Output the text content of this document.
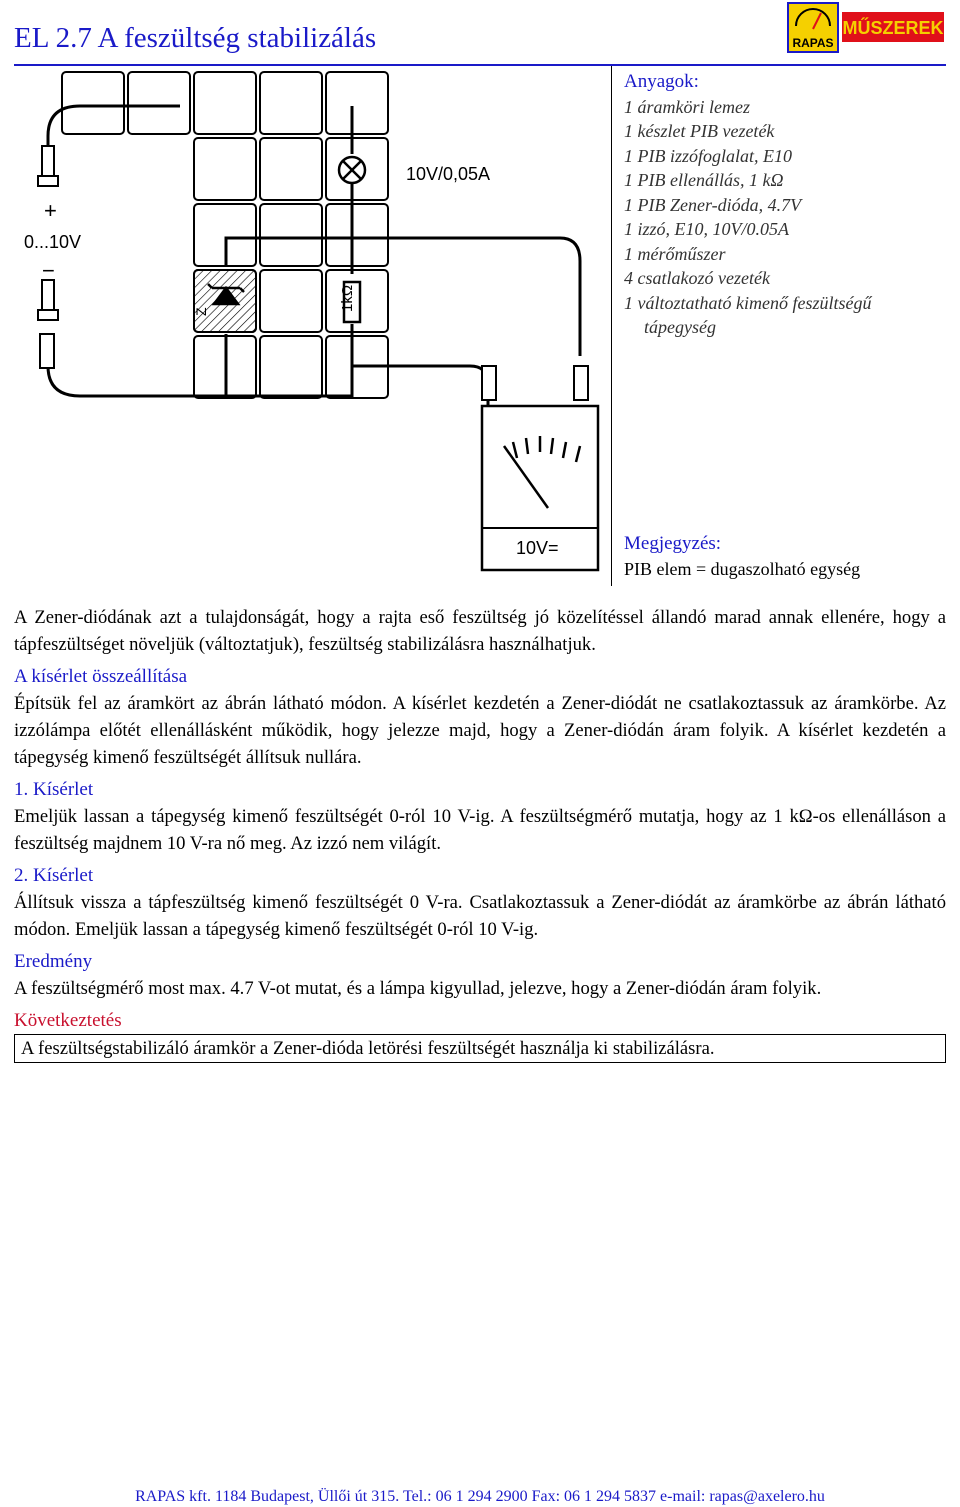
EL 2.7 A feszültség stabilizálás	RAPAS
MŰSZEREK
Z	1kΩ
10V/0,05A
+
0...10V
−
10V=
Anyagok:
1 áramköri lemez
1 készlet PIB vezeték
1 PIB izzófoglalat, E10
1 PIB ellenállás, 1 kΩ
1 PIB Zener-dióda, 4.7V
1 izzó, E10, 10V/0.05A
1 mérőműszer
4 csatlakozó vezeték
1 változtatható kimenő feszültségű
tápegység
Megjegyzés:
PIB elem = dugaszolható egység

A Zener-diódának azt a tulajdonságát, hogy a rajta eső feszültség jó közelítéssel állandó marad annak ellenére, hogy a tápfeszültséget növeljük (változtatjuk), feszültség stabilizálásra használhatjuk.

A kísérlet összeállítása

Építsük fel az áramkört az ábrán látható módon. A kísérlet kezdetén a Zener-diódát ne csatlakoztassuk az áramkörbe. Az izzólámpa előtét ellenállásként működik, hogy jelezze majd, hogy a Zener-diódán áram folyik. A kísérlet kezdetén a tápegység kimenő feszültségét állítsuk nullára.

1. Kísérlet

Emeljük lassan a tápegység kimenő feszültségét 0-ról 10 V-ig. A feszültségmérő mutatja, hogy az 1 kΩ-os ellenálláson a feszültség majdnem 10 V-ra nő meg. Az izzó nem világít.

2. Kísérlet

Állítsuk vissza a tápfeszültség kimenő feszültségét 0 V-ra. Csatlakoztassuk a Zener-diódát az áramkörbe az ábrán látható módon. Emeljük lassan a tápegység kimenő feszültségét 0-ról 10 V-ig.

Eredmény

A feszültségmérő most max. 4.7 V-ot mutat, és a lámpa kigyullad, jelezve, hogy a Zener-diódán áram folyik.

Következtetés

A feszültségstabilizáló áramkör a Zener-dióda letörési feszültségét használja ki stabilizálásra.

RAPAS kft. 1184 Budapest, Üllői út 315. Tel.: 06 1 294 2900 Fax: 06 1 294 5837 e-mail: rapas@axelero.hu
